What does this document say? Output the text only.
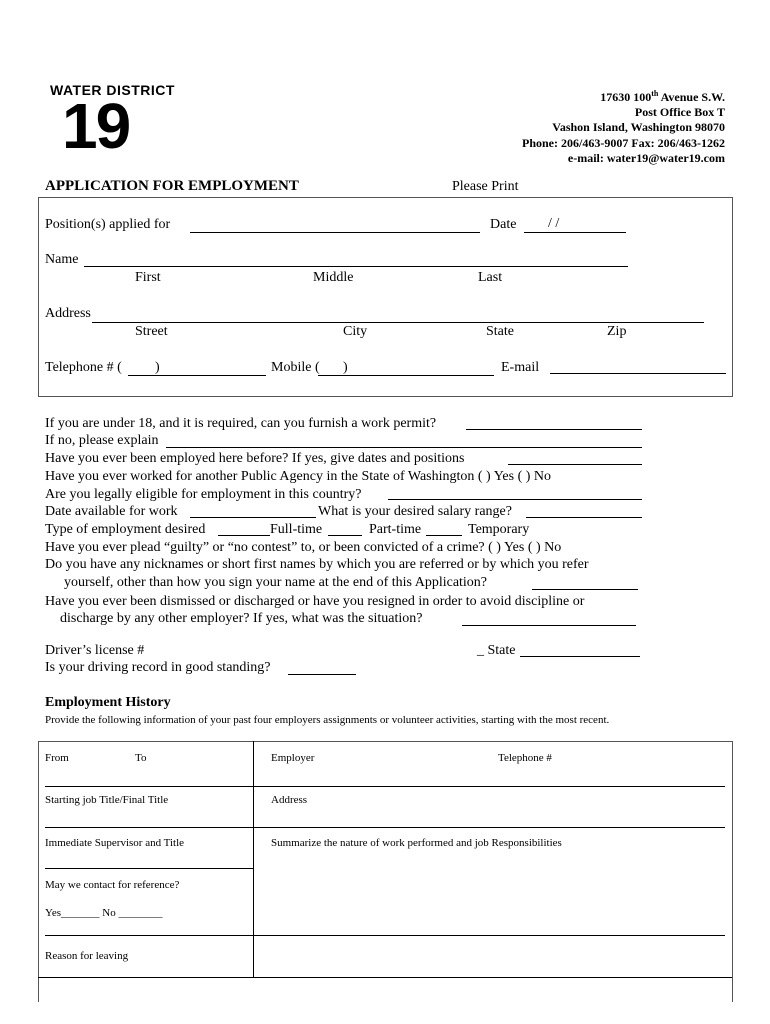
WATER DISTRICT
19	17630 100th Avenue S.W.
Post Office Box T
Vashon Island, Washington 98070
Phone: 206/463-9007 Fax: 206/463-1262
e-mail: water19@water19.com
APPLICATION FOR EMPLOYMENT	Please Print
Position(s) applied for	Date / /
Name
First	Middle	Last
Address
Street	City	State	Zip
Telephone # ( )	Mobile ( )	E-mail
If you are under 18, and it is required, can you furnish a work permit?
If no, please explain
Have you ever been employed here before? If yes, give dates and positions
Have you ever worked for another Public Agency in the State of Washington ( ) Yes ( ) No
Are you legally eligible for employment in this country?
Date available for work	What is your desired salary range?
Type of employment desired	Full-time	Part-time	Temporary
Have you ever plead “guilty” or “no contest” to, or been convicted of a crime? ( ) Yes ( ) No
Do you have any nicknames or short first names by which you are referred or by which you refer
yourself, other than how you sign your name at the end of this Application?
Have you ever been dismissed or discharged or have you resigned in order to avoid discipline or
discharge by any other employer? If yes, what was the situation?
Driver’s license #	_ State
Is your driving record in good standing?
Employment History
Provide the following information of your past four employers assignments or volunteer activities, starting with the most recent.
From	To	Employer	Telephone #
Starting job Title/Final Title	Address
Immediate Supervisor and Title	Summarize the nature of work performed and job Responsibilities
May we contact for reference?
Yes_______ No ________
Reason for leaving
